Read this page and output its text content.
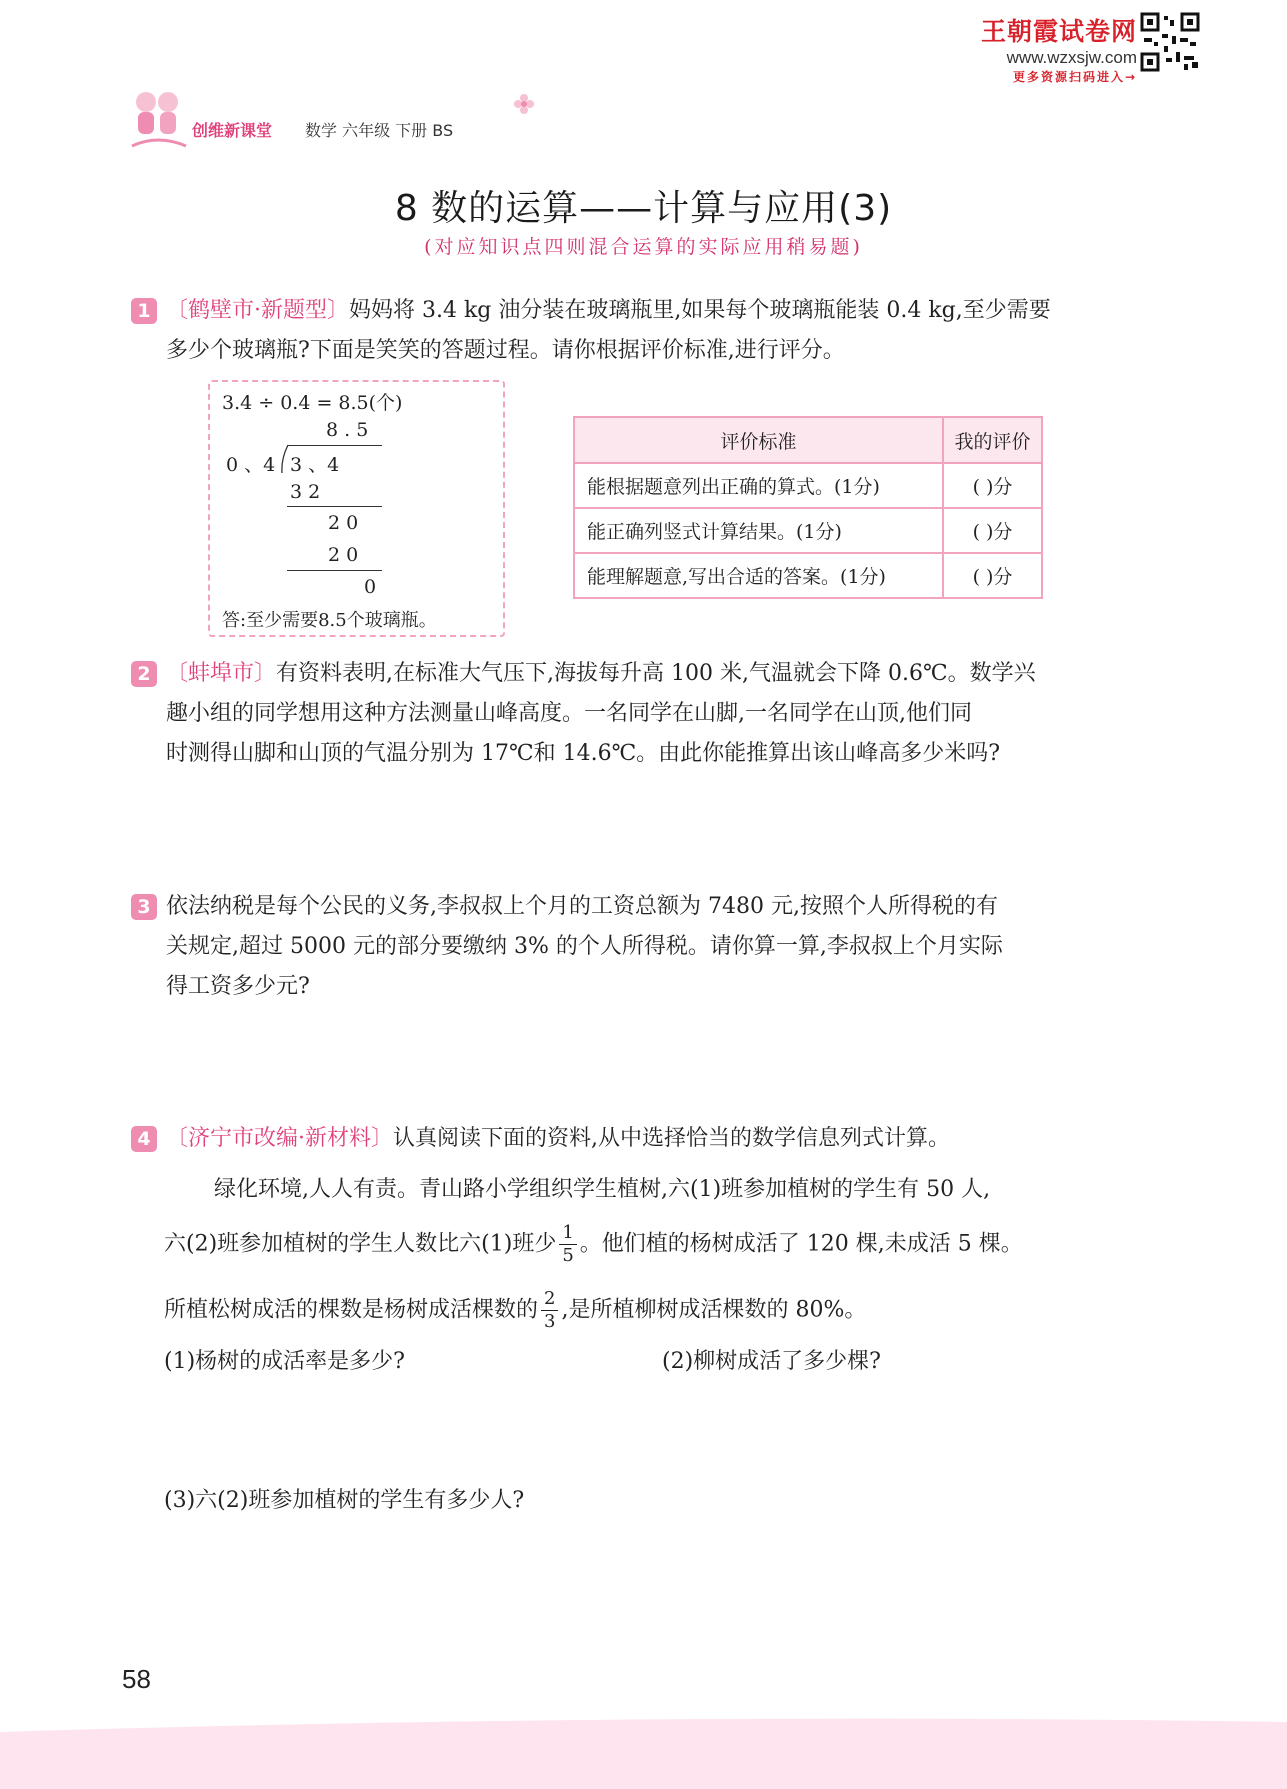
王朝霞试卷网
www.wzxsjw.com
更多资源扫码进入→
创维新课堂 数学 六年级 下册 BS
8 数的运算——计算与应用(3)
(对应知识点四则混合运算的实际应用稍易题)
1 〔鹤壁市·新题型〕妈妈将 3.4 kg 油分装在玻璃瓶里,如果每个玻璃瓶能装 0.4 kg,至少需要
多少个玻璃瓶?下面是笑笑的答题过程。请你根据评价标准,进行评分。
3.4 ÷ 0.4 = 8.5(个)
8 . 5
0 、4 3 、4
3 2
2 0
2 0
0
答:至少需要8.5个玻璃瓶。
评价标准	我的评价
能根据题意列出正确的算式。(1分)	( )分
能正确列竖式计算结果。(1分)	( )分
能理解题意,写出合适的答案。(1分)	( )分
2 〔蚌埠市〕有资料表明,在标准大气压下,海拔每升高 100 米,气温就会下降 0.6℃。数学兴
趣小组的同学想用这种方法测量山峰高度。一名同学在山脚,一名同学在山顶,他们同
时测得山脚和山顶的气温分别为 17℃和 14.6℃。由此你能推算出该山峰高多少米吗?
3 依法纳税是每个公民的义务,李叔叔上个月的工资总额为 7480 元,按照个人所得税的有
关规定,超过 5000 元的部分要缴纳 3% 的个人所得税。请你算一算,李叔叔上个月实际
得工资多少元?
4 〔济宁市改编·新材料〕认真阅读下面的资料,从中选择恰当的数学信息列式计算。
绿化环境,人人有责。青山路小学组织学生植树,六(1)班参加植树的学生有 50 人,
六(2)班参加植树的学生人数比六(1)班少 $\frac{1}{5}$ 。他们植的杨树成活了 120 棵,未成活 5 棵。
所植松树成活的棵数是杨树成活棵数的 $\frac{2}{3}$ ,是所植柳树成活棵数的 80%。
(1)杨树的成活率是多少?	(2)柳树成活了多少棵?
(3)六(2)班参加植树的学生有多少人?
58
